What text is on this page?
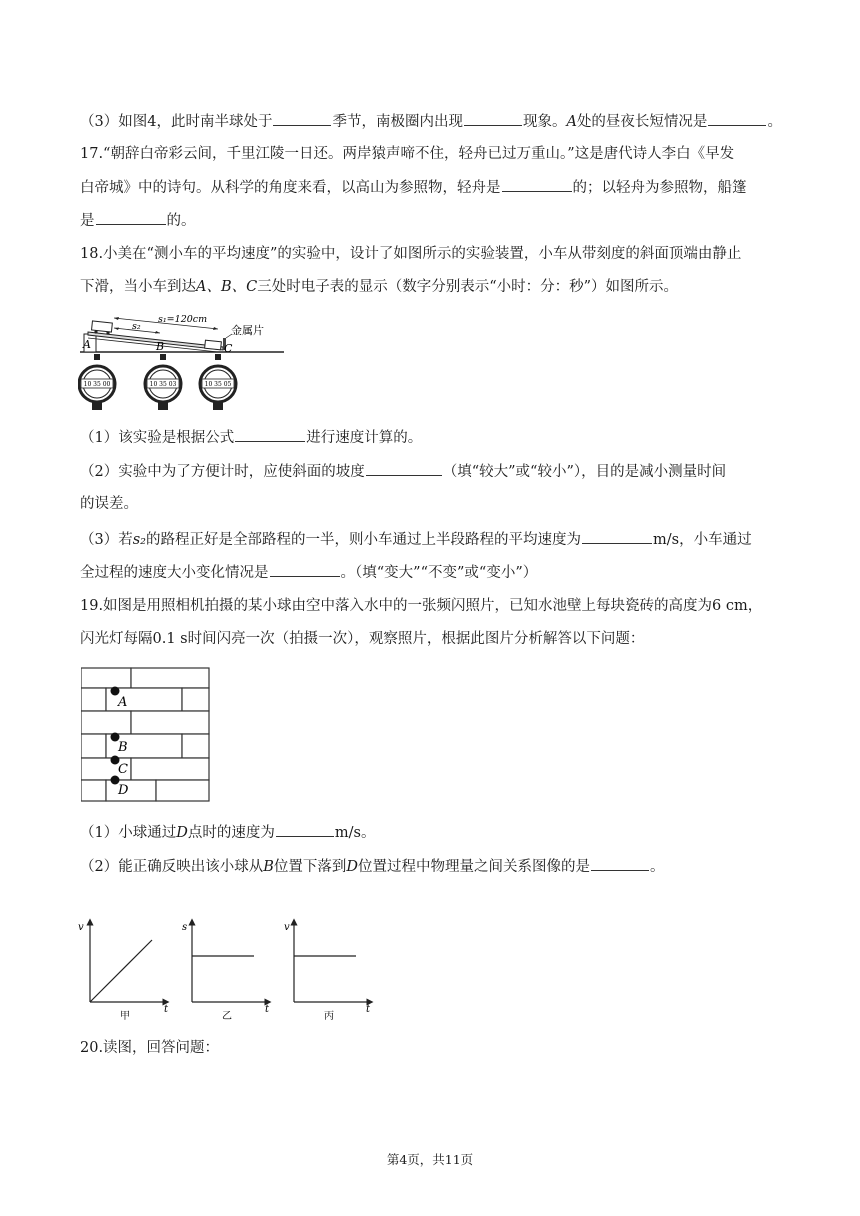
（3）如图4，此时南半球处于	季节，南极圈内出现	现象。A处的昼夜长短情况是	。
17.“朝辞白帝彩云间，千里江陵一日还。两岸猿声啼不住，轻舟已过万重山。”这是唐代诗人李白《早发
白帝城》中的诗句。从科学的角度来看，以高山为参照物，轻舟是	的；以轻舟为参照物，船篷
是	的。
18.小美在“测小车的平均速度”的实验中，设计了如图所示的实验装置，小车从带刻度的斜面顶端由静止
下滑，当小车到达A、B、C三处时电子表的显示（数字分别表示“小时：分：秒”）如图所示。
s₁=120cm
s₂	金属片
A	B	C
10 35 00	10 35 03	10 35 05
（1）该实验是根据公式	进行速度计算的。
（2）实验中为了方便计时，应使斜面的坡度	（填“较大”或“较小”），目的是减小测量时间
的误差。
（3）若s₂的路程正好是全部路程的一半，则小车通过上半段路程的平均速度为	m/s，小车通过
全过程的速度大小变化情况是	。（填“变大”“不变”或“变小”）
19.如图是用照相机拍摄的某小球由空中落入水中的一张频闪照片，已知水池壁上每块瓷砖的高度为6 cm，
闪光灯每隔0.1 s时间闪亮一次（拍摄一次），观察照片，根据此图片分析解答以下问题：
A
B
C
D
（1）小球通过D点时的速度为	m/s。
（2）能正确反映出该小球从B位置下落到D位置过程中物理量之间关系图像的是	。
v
t
甲
s
t
乙
v
t
丙
20.读图，回答问题：
第4页，共11页
